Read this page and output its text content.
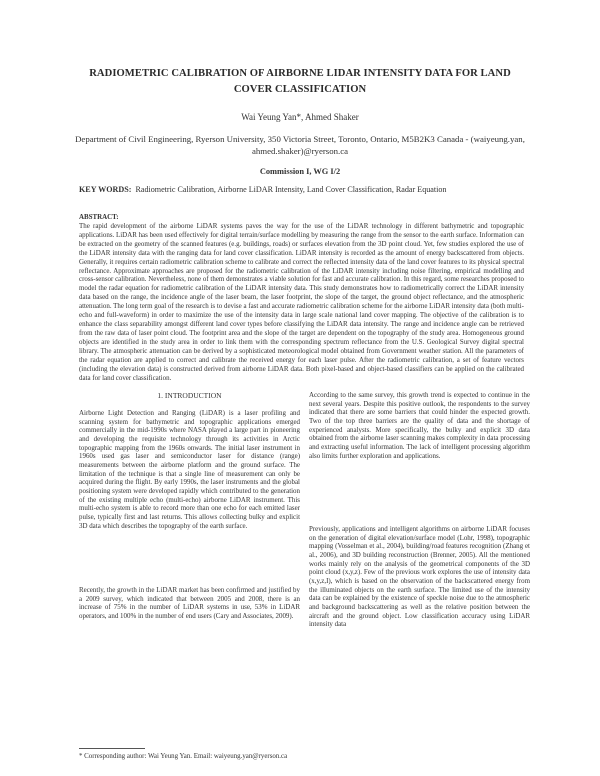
RADIOMETRIC CALIBRATION OF AIRBORNE LIDAR INTENSITY DATA FOR LAND COVER CLASSIFICATION
Wai Yeung Yan*, Ahmed Shaker
Department of Civil Engineering, Ryerson University, 350 Victoria Street, Toronto, Ontario, M5B2K3 Canada - (waiyeung.yan, ahmed.shaker)@ryerson.ca
Commission I, WG I/2
KEY WORDS: Radiometric Calibration, Airborne LiDAR Intensity, Land Cover Classification, Radar Equation
ABSTRACT:
The rapid development of the airborne LiDAR systems paves the way for the use of the LiDAR technology in different bathymetric and topographic applications. LiDAR has been used effectively for digital terrain/surface modelling by measuring the range from the sensor to the earth surface. Information can be extracted on the geometry of the scanned features (e.g. buildings, roads) or surfaces elevation from the 3D point cloud. Yet, few studies explored the use of the LiDAR intensity data with the ranging data for land cover classification. LiDAR intensity is recorded as the amount of energy backscattered from objects. Generally, it requires certain radiometric calibration scheme to calibrate and correct the reflected intensity data of the land cover features to its physical spectral reflectance. Approximate approaches are proposed for the radiometric calibration of the LiDAR intensity including noise filtering, empirical modelling and cross-sensor calibration. Nevertheless, none of them demonstrates a viable solution for fast and accurate calibration. In this regard, some researches proposed to model the radar equation for radiometric calibration of the LiDAR intensity data. This study demonstrates how to radiometrically correct the LiDAR intensity data based on the range, the incidence angle of the laser beam, the laser footprint, the slope of the target, the ground object reflectance, and the atmospheric attenuation. The long term goal of the research is to devise a fast and accurate radiometric calibration scheme for the airborne LiDAR intensity data (both multi-echo and full-waveform) in order to maximize the use of the intensity data in large scale national land cover mapping. The objective of the calibration is to enhance the class separability amongst different land cover types before classifying the LiDAR data intensity. The range and incidence angle can be retrieved from the raw data of laser point cloud. The footprint area and the slope of the target are dependent on the topography of the study area. Homogeneous ground objects are identified in the study area in order to link them with the corresponding spectrum reflectance from the U.S. Geological Survey digital spectral library. The atmospheric attenuation can be derived by a sophisticated meteorological model obtained from Government weather station. All the parameters of the radar equation are applied to correct and calibrate the received energy for each laser pulse. After the radiometric calibration, a set of feature vectors (including the elevation data) is constructed derived from airborne LiDAR data. Both pixel-based and object-based classifiers can be applied on the calibrated data for land cover classification.
1. INTRODUCTION
Airborne Light Detection and Ranging (LiDAR) is a laser profiling and scanning system for bathymetric and topographic applications emerged commercially in the mid-1990s where NASA played a large part in pioneering and developing the requisite technology through its activities in Arctic topographic mapping from the 1960s onwards. The initial laser instrument in 1960s used gas laser and semiconductor laser for distance (range) measurements between the airborne platform and the ground surface. The limitation of the technique is that a single line of measurement can only be acquired during the flight. By early 1990s, the laser instruments and the global positioning system were developed rapidly which contributed to the generation of the existing multiple echo (multi-echo) airborne LiDAR instrument. This multi-echo system is able to record more than one echo for each emitted laser pulse, typically first and last returns. This allows collecting bulky and explicit 3D data which describes the topography of the earth surface.
Recently, the growth in the LiDAR market has been confirmed and justified by a 2009 survey, which indicated that between 2005 and 2008, there is an increase of 75% in the number of LiDAR systems in use, 53% in LiDAR operators, and 100% in the number of end users (Cary and Associates, 2009).
According to the same survey, this growth trend is expected to continue in the next several years. Despite this positive outlook, the respondents to the survey indicated that there are some barriers that could hinder the expected growth. Two of the top three barriers are the quality of data and the shortage of experienced analysts. More specifically, the bulky and explicit 3D data obtained from the airborne laser scanning makes complexity in data processing and extracting useful information. The lack of intelligent processing algorithm also limits further exploration and applications.
Previously, applications and intelligent algorithms on airborne LiDAR focuses on the generation of digital elevation/surface model (Lohr, 1998), topographic mapping (Vosselman et al., 2004), building/road features recognition (Zhang et al., 2006), and 3D building reconstruction (Brenner, 2005). All the mentioned works mainly rely on the analysis of the geometrical components of the 3D point cloud (x,y,z). Few of the previous work explores the use of intensity data (x,y,z,I), which is based on the observation of the backscattered energy from the illuminated objects on the earth surface. The limited use of the intensity data can be explained by the existence of speckle noise due to the atmospheric and background backscattering as well as the relative position between the aircraft and the ground object. Low classification accuracy using LiDAR intensity data
* Corresponding author: Wai Yeung Yan. Email: waiyeung.yan@ryerson.ca
